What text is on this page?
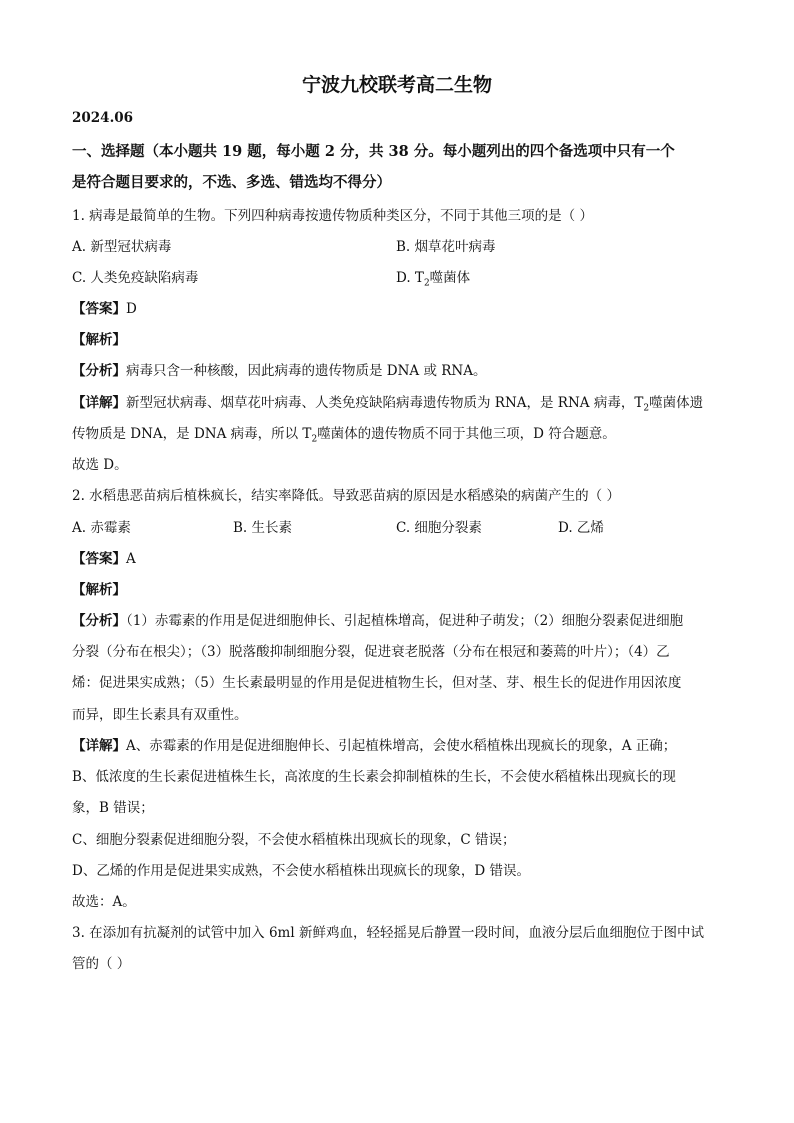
宁波九校联考高二生物
2024.06
一、选择题（本小题共 19 题，每小题 2 分，共 38 分。每小题列出的四个备选项中只有一个
是符合题目要求的，不选、多选、错选均不得分）
1. 病毒是最简单的生物。下列四种病毒按遗传物质种类区分，不同于其他三项的是（ ）
A. 新型冠状病毒	B. 烟草花叶病毒
C. 人类免疫缺陷病毒	D. $T_2$噬菌体
【答案】D
【解析】
【分析】病毒只含一种核酸，因此病毒的遗传物质是 DNA 或 RNA。
【详解】新型冠状病毒、烟草花叶病毒、人类免疫缺陷病毒遗传物质为 RNA，是 RNA 病毒，$T_2$噬菌体遗
传物质是 DNA，是 DNA 病毒，所以 $T_2$噬菌体的遗传物质不同于其他三项，D 符合题意。
故选 D。
2. 水稻患恶苗病后植株疯长，结实率降低。导致恶苗病的原因是水稻感染的病菌产生的（ ）
A. 赤霉素	B. 生长素	C. 细胞分裂素	D. 乙烯
【答案】A
【解析】
【分析】（1）赤霉素的作用是促进细胞伸长、引起植株增高，促进种子萌发；（2）细胞分裂素促进细胞
分裂（分布在根尖）；（3）脱落酸抑制细胞分裂，促进衰老脱落（分布在根冠和萎蔫的叶片）；（4）乙
烯：促进果实成熟；（5）生长素最明显的作用是促进植物生长，但对茎、芽、根生长的促进作用因浓度
而异，即生长素具有双重性。
【详解】A、赤霉素的作用是促进细胞伸长、引起植株增高，会使水稻植株出现疯长的现象，A 正确；
B、低浓度的生长素促进植株生长，高浓度的生长素会抑制植株的生长，不会使水稻植株出现疯长的现
象，B 错误；
C、细胞分裂素促进细胞分裂，不会使水稻植株出现疯长的现象，C 错误；
D、乙烯的作用是促进果实成熟，不会使水稻植株出现疯长的现象，D 错误。
故选：A。
3. 在添加有抗凝剂的试管中加入 6ml 新鲜鸡血，轻轻摇晃后静置一段时间，血液分层后血细胞位于图中试
管的（ ）
